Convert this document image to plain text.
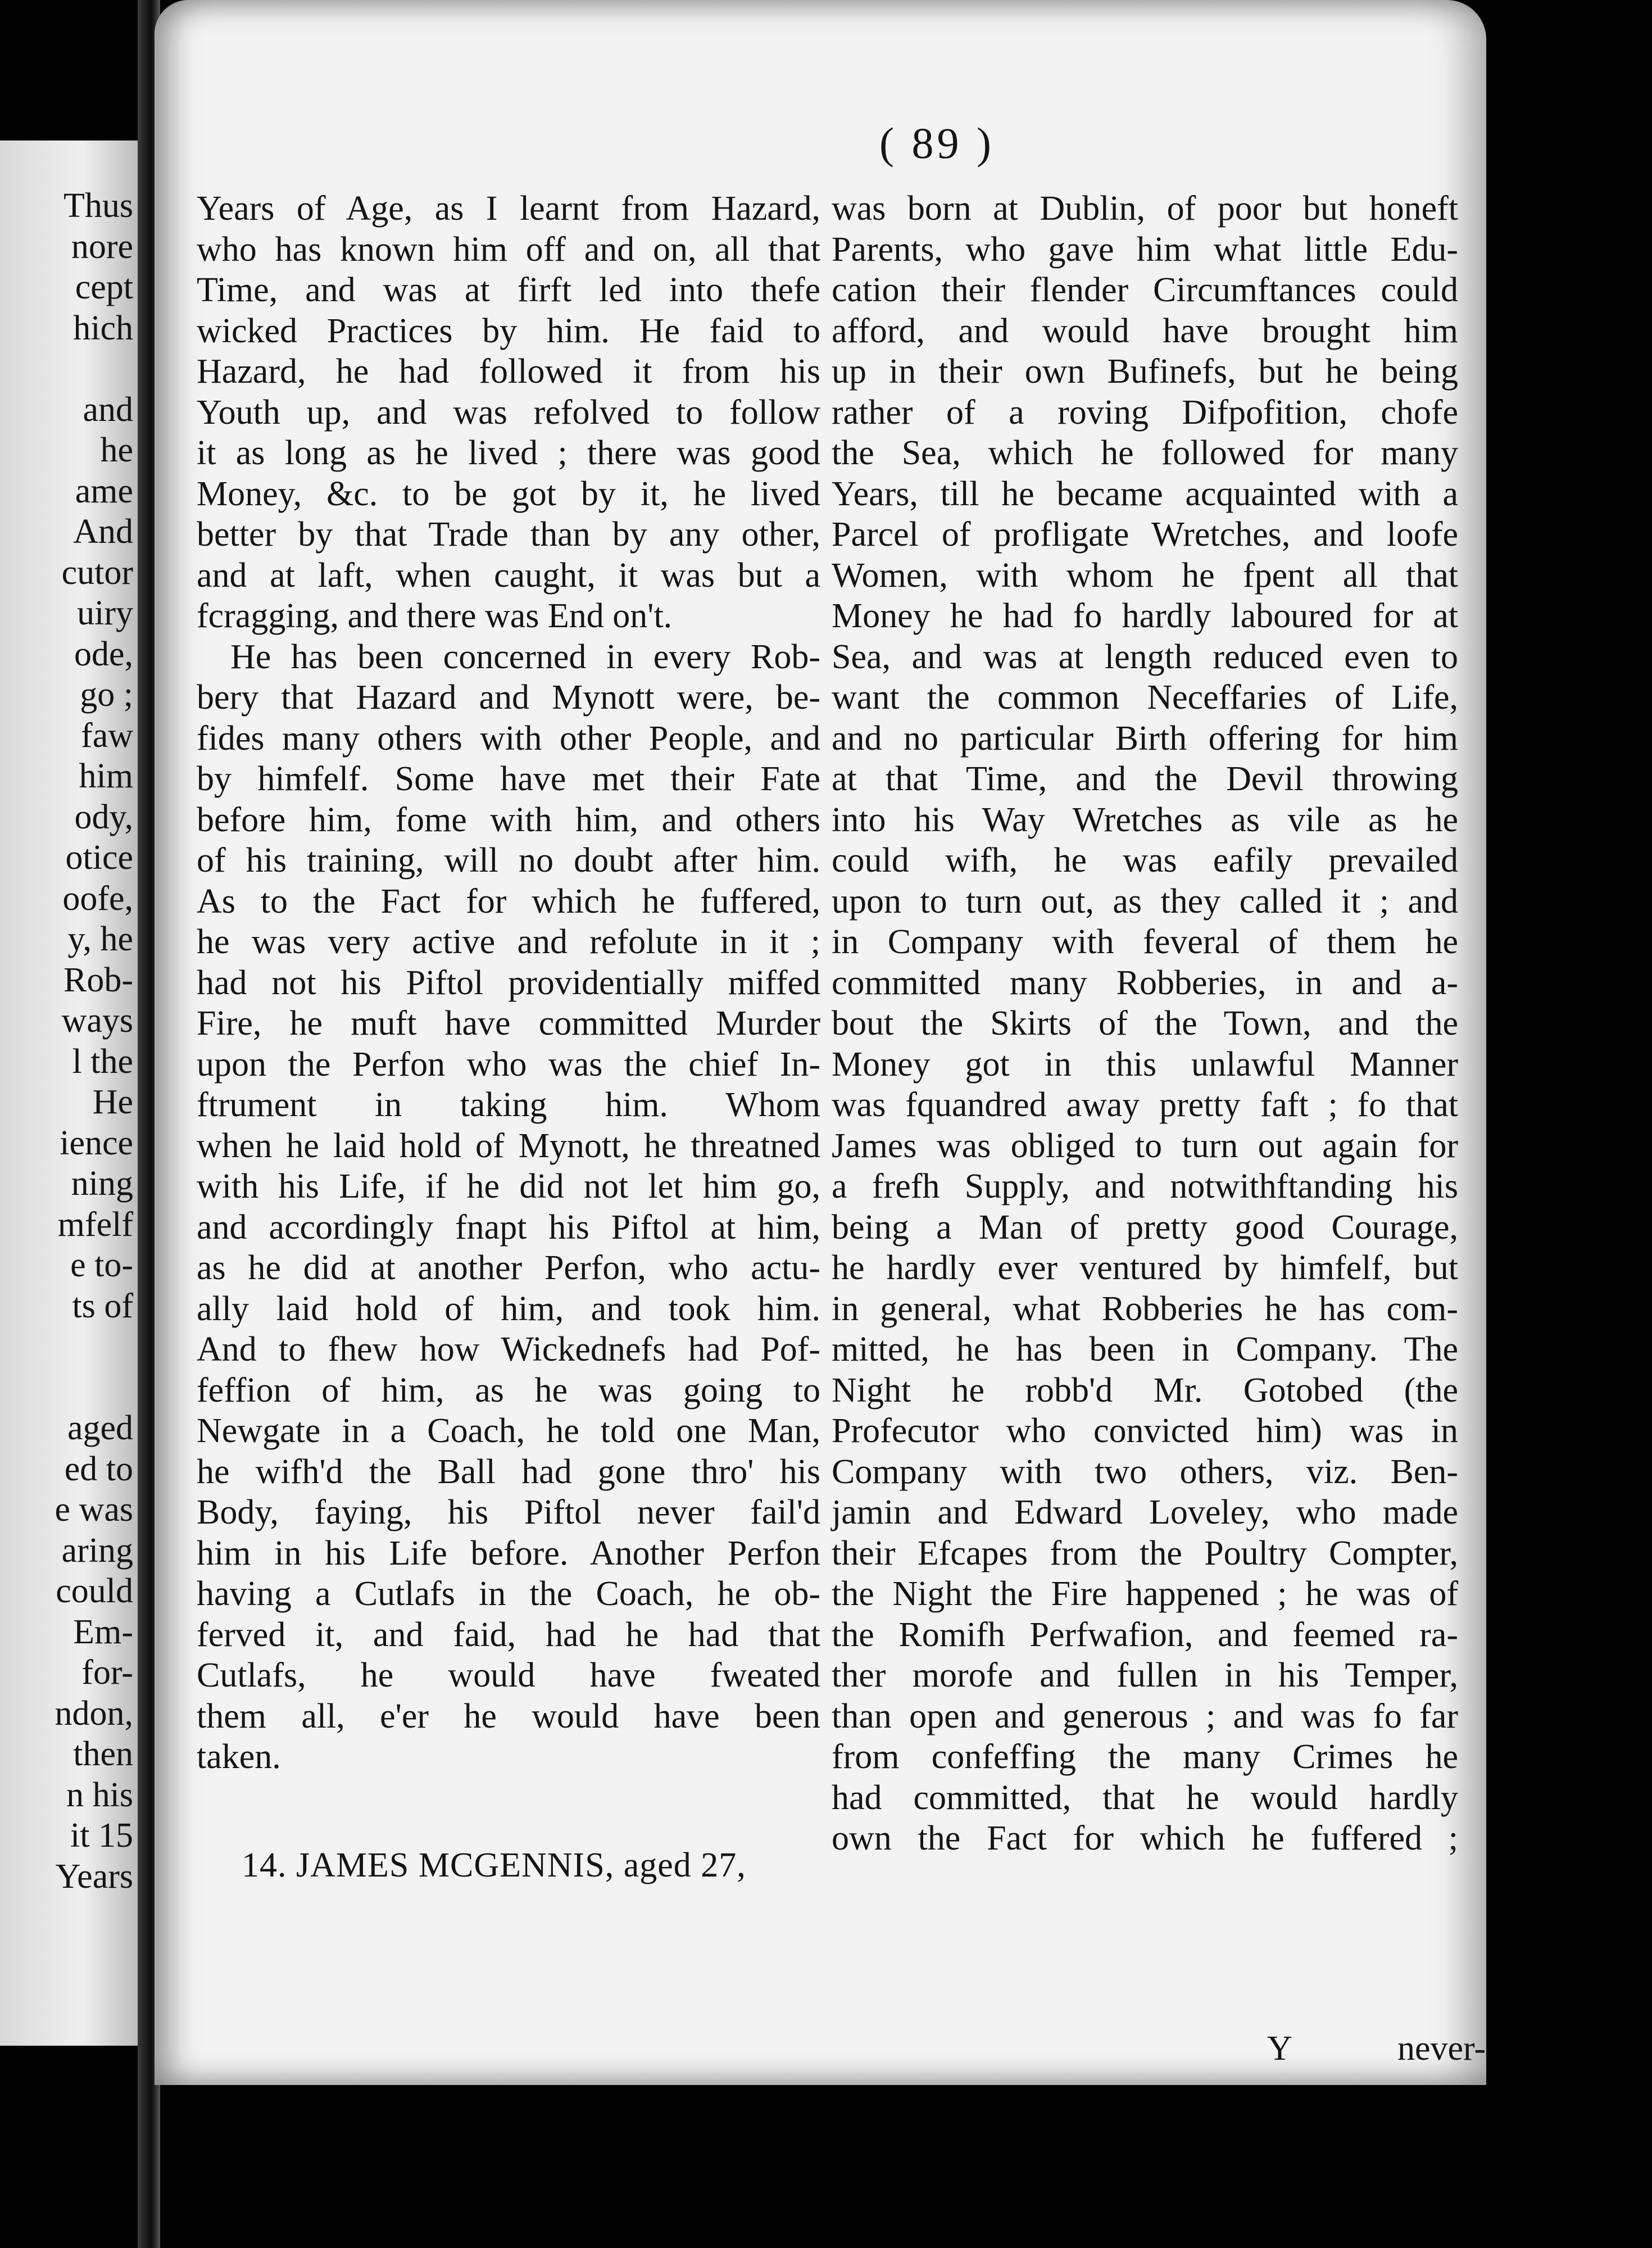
Thus
nore
cept
hich
and
he
ame
And
cutor
uiry
ode,
go ;
faw
him
ody,
otice
oofe,
y, he
Rob-
ways
l the
He
ience
ning
mfelf
e to-
ts of
aged
ed to
e was
aring
could
Em-
for-
ndon,
then
n his
it 15
Years
( 89 )
Years of Age, as I learnt from Hazard,
who has known him off and on, all that
Time, and was at firft led into thefe
wicked Practices by him. He faid to
Hazard, he had followed it from his
Youth up, and was refolved to follow
it as long as he lived ; there was good
Money, &c. to be got by it, he lived
better by that Trade than by any other,
and at laft, when caught, it was but a
fcragging, and there was End on't.
He has been concerned in every Rob-
bery that Hazard and Mynott were, be-
fides many others with other People, and
by himfelf. Some have met their Fate
before him, fome with him, and others
of his training, will no doubt after him.
As to the Fact for which he fuffered,
he was very active and refolute in it ;
had not his Piftol providentially miffed
Fire, he muft have committed Murder
upon the Perfon who was the chief In-
ftrument in taking him. Whom
when he laid hold of Mynott, he threatned
with his Life, if he did not let him go,
and accordingly fnapt his Piftol at him,
as he did at another Perfon, who actu-
ally laid hold of him, and took him.
And to fhew how Wickednefs had Pof-
feffion of him, as he was going to
Newgate in a Coach, he told one Man,
he wifh'd the Ball had gone thro' his
Body, faying, his Piftol never fail'd
him in his Life before. Another Perfon
having a Cutlafs in the Coach, he ob-
ferved it, and faid, had he had that
Cutlafs, he would have fweated
them all, e'er he would have been
taken.
14. JAMES MCGENNIS, aged 27,
was born at Dublin, of poor but honeft
Parents, who gave him what little Edu-
cation their flender Circumftances could
afford, and would have brought him
up in their own Bufinefs, but he being
rather of a roving Difpofition, chofe
the Sea, which he followed for many
Years, till he became acquainted with a
Parcel of profligate Wretches, and loofe
Women, with whom he fpent all that
Money he had fo hardly laboured for at
Sea, and was at length reduced even to
want the common Neceffaries of Life,
and no particular Birth offering for him
at that Time, and the Devil throwing
into his Way Wretches as vile as he
could wifh, he was eafily prevailed
upon to turn out, as they called it ; and
in Company with feveral of them he
committed many Robberies, in and a-
bout the Skirts of the Town, and the
Money got in this unlawful Manner
was fquandred away pretty faft ; fo that
James was obliged to turn out again for
a frefh Supply, and notwithftanding his
being a Man of pretty good Courage,
he hardly ever ventured by himfelf, but
in general, what Robberies he has com-
mitted, he has been in Company. The
Night he robb'd Mr. Gotobed (the
Profecutor who convicted him) was in
Company with two others, viz. Ben-
jamin and Edward Loveley, who made
their Efcapes from the Poultry Compter,
the Night the Fire happened ; he was of
the Romifh Perfwafion, and feemed ra-
ther morofe and fullen in his Temper,
than open and generous ; and was fo far
from confeffing the many Crimes he
had committed, that he would hardly
own the Fact for which he fuffered ;
Y	never-
